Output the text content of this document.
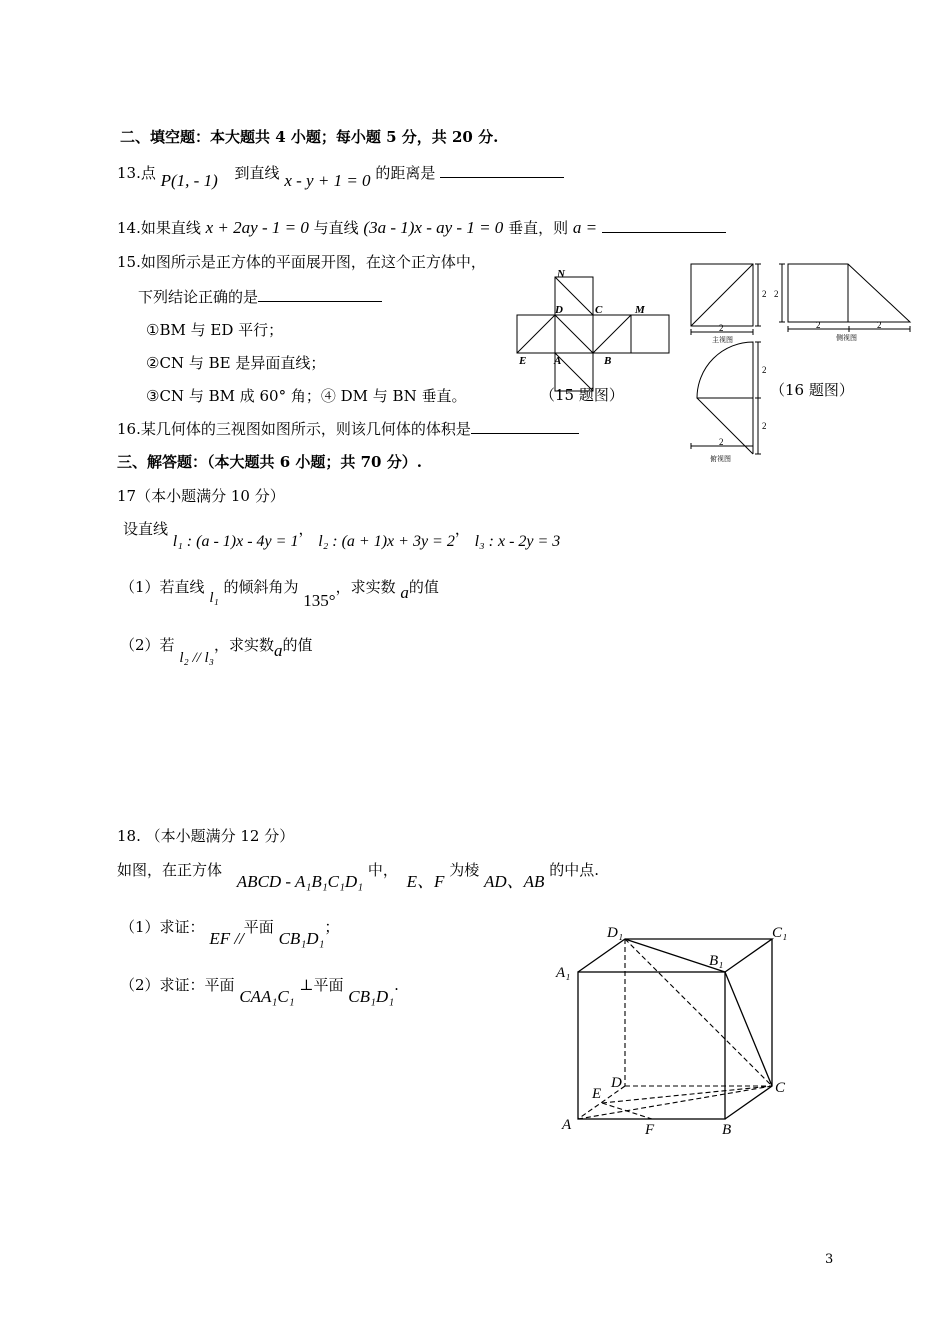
二、填空题：本大题共 4 小题；每小题 5 分，共 20 分.
13.点 P(1, - 1) 到直线 x - y + 1 = 0 的距离是
14.如果直线 x + 2ay - 1 = 0 与直线 (3a - 1)x - ay - 1 = 0 垂直，则 a =
15.如图所示是正方体的平面展开图，在这个正方体中，
下列结论正确的是
①BM 与 ED 平行；
②CN 与 BE 是异面直线；
③CN 与 BM 成 60° 角；④ DM 与 BN 垂直。
N
D	C	M
E	A	B
（15 题图）
2
2
主视图
2
2	2
侧视图
2
2
2
俯视图
（16 题图）
16.某几何体的三视图如图所示，则该几何体的体积是
三、解答题：（本大题共 6 小题；共 70 分）.
17（本小题满分 10 分）
设直线 l₁ : (a - 1)x - 4y = 1， l₂ : (a + 1)x + 3y = 2， l₃ : x - 2y = 3
（1）若直线 l₁ 的倾斜角为 135°，求实数 a的值
（2）若 l₂ // l₃，求实数a的值
18. （本小题满分 12 分）
如图，在正方体 ABCD - A₁B₁C₁D₁ 中， E、F 为棱 AD、AB 的中点.
（1）求证： EF //平面 CB₁D₁；
（2）求证：平面 CAA₁C₁ ⊥平面 CB₁D₁.
D₁	C₁
A₁
B₁
D	C
E
A	F	B
3
